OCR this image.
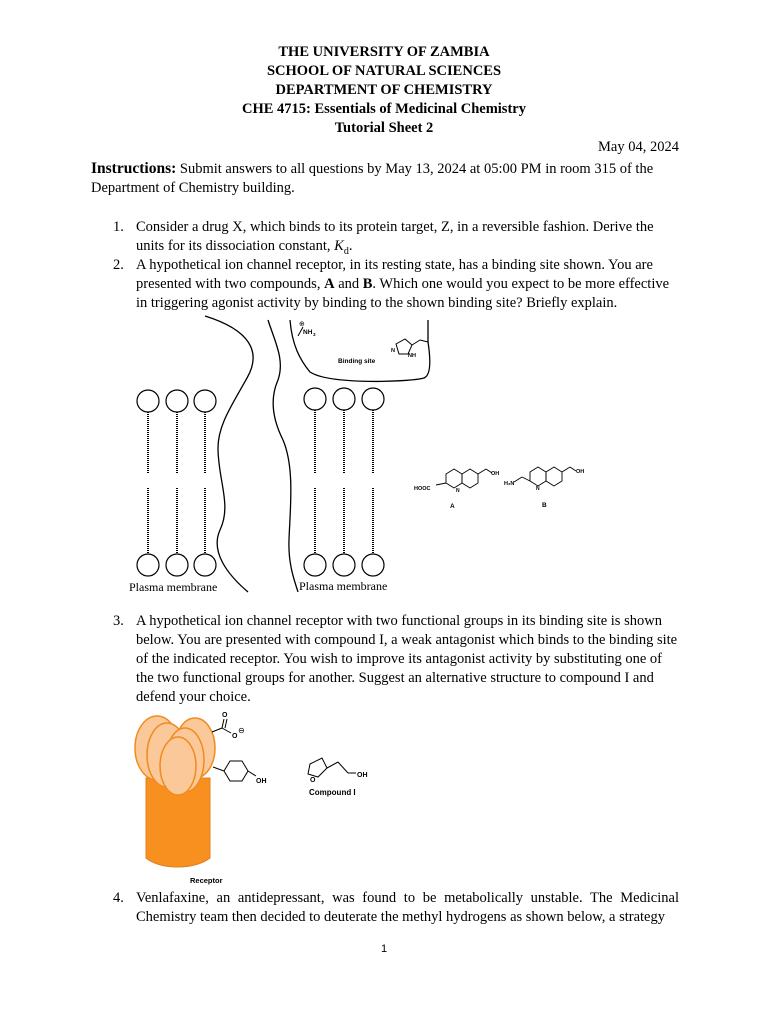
THE UNIVERSITY OF ZAMBIA
SCHOOL OF NATURAL SCIENCES
DEPARTMENT OF CHEMISTRY
CHE 4715: Essentials of Medicinal Chemistry
Tutorial Sheet 2
May 04, 2024
Instructions: Submit answers to all questions by May 13, 2024 at 05:00 PM in room 315 of the Department of Chemistry building.
1. Consider a drug X, which binds to its protein target, Z, in a reversible fashion. Derive the units for its dissociation constant, $K_d$.
2. A hypothetical ion channel receptor, in its resting state, has a binding site shown. You are presented with two compounds, A and B. Which one would you expect to be more effective in triggering agonist activity by binding to the shown binding site? Briefly explain.
3. A hypothetical ion channel receptor with two functional groups in its binding site is shown below. You are presented with compound I, a weak antagonist which binds to the binding site of the indicated receptor. You wish to improve its antagonist activity by substituting one of the two functional groups for another. Suggest an alternative structure to compound I and defend your choice.
4. Venlafaxine, an antidepressant, was found to be metabolically unstable. The Medicinal Chemistry team then decided to deuterate the methyl hydrogens as shown below, a strategy
⊕
NH 3
N
NH
Binding site
Plasma membrane	Plasma membrane
HOOC	N
OH
A
H₂N
N
OH
B
O
O
⊖
OH	O
OH
Compound I
Receptor
1
